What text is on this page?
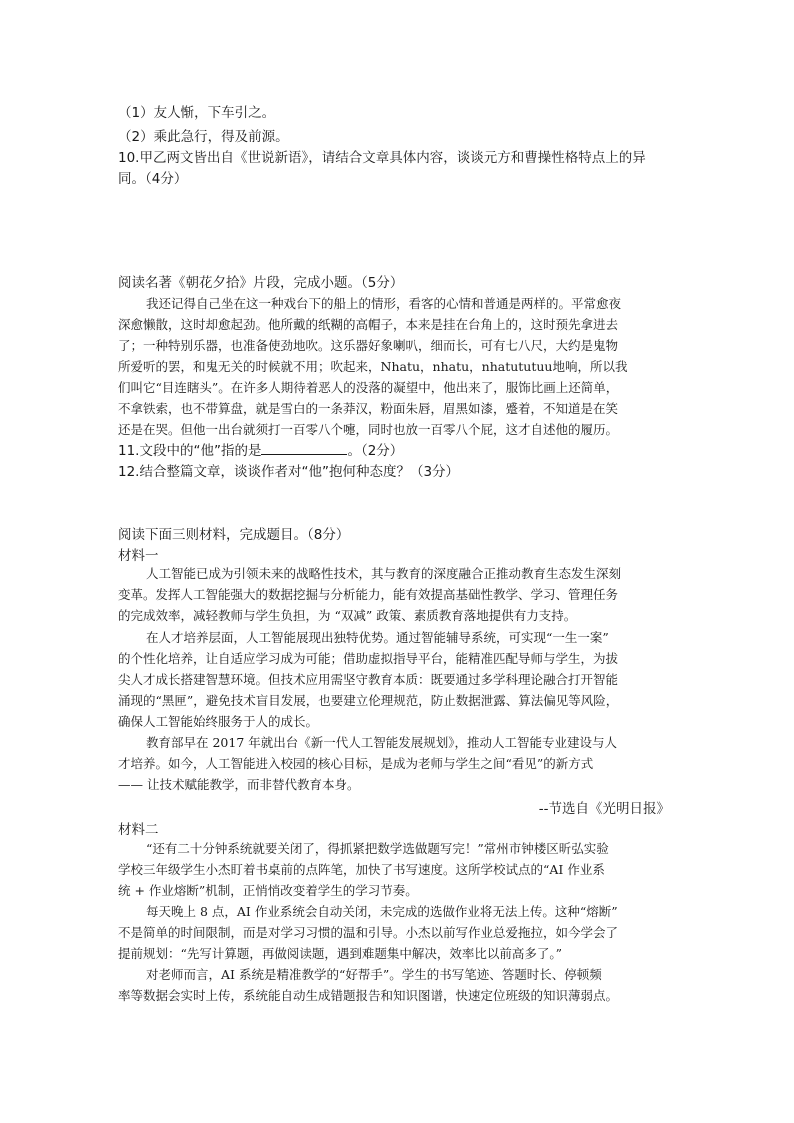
（1）友人惭，下车引之。
（2）乘此急行，得及前源。
10.甲乙两文皆出自《世说新语》，请结合文章具体内容，谈谈元方和曹操性格特点上的异
同。（4分）
阅读名著《朝花夕拾》片段，完成小题。（5分）
我还记得自己坐在这一种戏台下的船上的情形，看客的心情和普通是两样的。平常愈夜
深愈懒散，这时却愈起劲。他所戴的纸糊的高帽子，本来是挂在台角上的，这时预先拿进去
了；一种特别乐器，也准备使劲地吹。这乐器好象喇叭，细而长，可有七八尺，大约是鬼物
所爱听的罢，和鬼无关的时候就不用；吹起来，Nhatu，nhatu，nhatututuu地响，所以我
们叫它“目连瞎头”。在许多人期待着恶人的没落的凝望中，他出来了，服饰比画上还简单，
不拿铁索，也不带算盘，就是雪白的一条莽汉，粉面朱唇，眉黑如漆，蹙着，不知道是在笑
还是在哭。但他一出台就须打一百零八个嚏，同时也放一百零八个屁，这才自述他的履历。
11.文段中的“他”指的是	。（2分）
12.结合整篇文章，谈谈作者对“他”抱何种态度？（3分）
阅读下面三则材料，完成题目。（8分）
材料一
人工智能已成为引领未来的战略性技术，其与教育的深度融合正推动教育生态发生深刻
变革。发挥人工智能强大的数据挖掘与分析能力，能有效提高基础性教学、学习、管理任务
的完成效率，减轻教师与学生负担，为 “双减” 政策、素质教育落地提供有力支持。
在人才培养层面，人工智能展现出独特优势。通过智能辅导系统，可实现“一生一案”
的个性化培养，让自适应学习成为可能；借助虚拟指导平台，能精准匹配导师与学生，为拔
尖人才成长搭建智慧环境。但技术应用需坚守教育本质：既要通过多学科理论融合打开智能
涌现的“黑匣”，避免技术盲目发展，也要建立伦理规范，防止数据泄露、算法偏见等风险，
确保人工智能始终服务于人的成长。
教育部早在 2017 年就出台《新一代人工智能发展规划》，推动人工智能专业建设与人
才培养。如今，人工智能进入校园的核心目标，是成为老师与学生之间“看见”的新方式
—— 让技术赋能教学，而非替代教育本身。
--节选自《光明日报》
材料二
“还有二十分钟系统就要关闭了，得抓紧把数学选做题写完！”常州市钟楼区昕弘实验
学校三年级学生小杰盯着书桌前的点阵笔，加快了书写速度。这所学校试点的“AI 作业系
统 + 作业熔断”机制，正悄悄改变着学生的学习节奏。
每天晚上 8 点，AI 作业系统会自动关闭，未完成的选做作业将无法上传。这种“熔断”
不是简单的时间限制，而是对学习习惯的温和引导。小杰以前写作业总爱拖拉，如今学会了
提前规划：“先写计算题，再做阅读题，遇到难题集中解决，效率比以前高多了。”
对老师而言，AI 系统是精准教学的“好帮手”。学生的书写笔迹、答题时长、停顿频
率等数据会实时上传，系统能自动生成错题报告和知识图谱，快速定位班级的知识薄弱点。
